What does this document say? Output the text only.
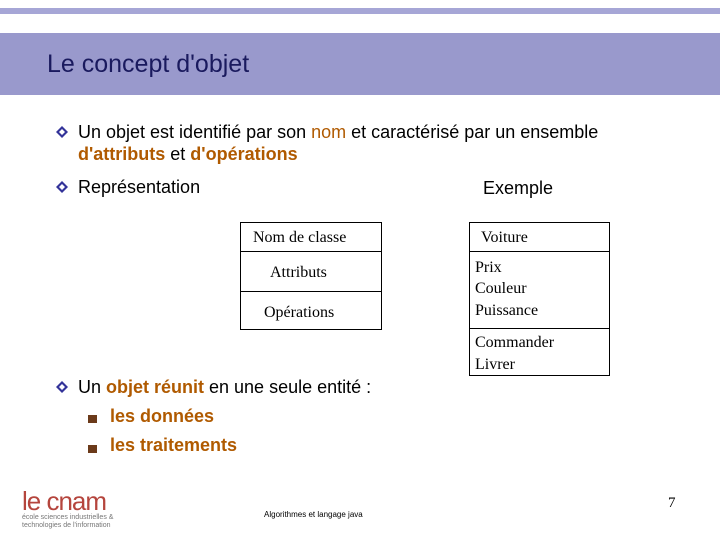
Le concept d'objet
Un objet est identifié par son nom et caractérisé par un ensemble
d'attributs et d'opérations
Représentation	Exemple
Nom de classe
Attributs
Opérations
Voiture
Prix
Couleur
Puissance
Commander
Livrer
Un objet réunit en une seule entité :
les données
les traitements
le cnam
école sciences industrielles &
technologies de l'information
Algorithmes et langage java
7
